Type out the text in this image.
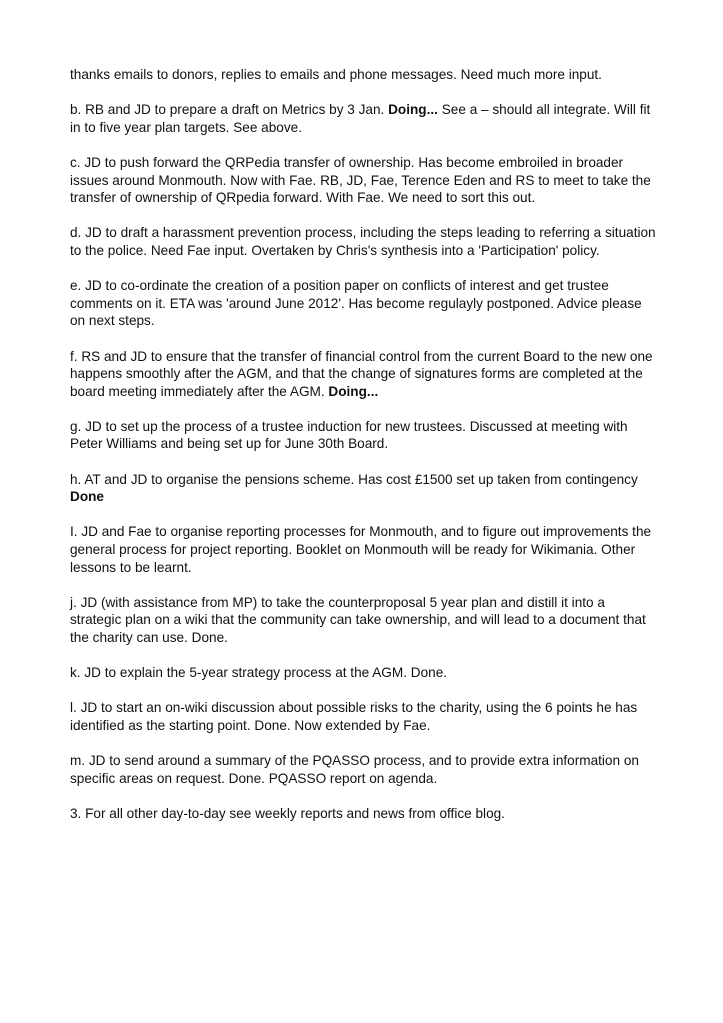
thanks emails to donors, replies to emails and phone messages. Need much more input.

b. RB and JD to prepare a draft on Metrics by 3 Jan. Doing... See a – should all integrate. Will fit in to five year plan targets. See above.

c. JD to push forward the QRPedia transfer of ownership. Has become embroiled in broader issues around Monmouth. Now with Fae. RB, JD, Fae, Terence Eden and RS to meet to take the transfer of ownership of QRpedia forward. With Fae. We need to sort this out.

d. JD to draft a harassment prevention process, including the steps leading to referring a situation to the police. Need Fae input. Overtaken by Chris's synthesis into a 'Participation' policy.

e. JD to co-ordinate the creation of a position paper on conflicts of interest and get trustee comments on it. ETA was 'around June 2012'. Has become regulayly postponed. Advice please on next steps.

f. RS and JD to ensure that the transfer of financial control from the current Board to the new one happens smoothly after the AGM, and that the change of signatures forms are completed at the board meeting immediately after the AGM. Doing...

g. JD to set up the process of a trustee induction for new trustees. Discussed at meeting with Peter Williams and being set up for June 30th Board.

h. AT and JD to organise the pensions scheme. Has cost £1500 set up taken from contingency Done

I. JD and Fae to organise reporting processes for Monmouth, and to figure out improvements the general process for project reporting. Booklet on Monmouth will be ready for Wikimania. Other lessons to be learnt.

j. JD (with assistance from MP) to take the counterproposal 5 year plan and distill it into a strategic plan on a wiki that the community can take ownership, and will lead to a document that the charity can use. Done.

k. JD to explain the 5-year strategy process at the AGM. Done.

l. JD to start an on-wiki discussion about possible risks to the charity, using the 6 points he has identified as the starting point. Done. Now extended by Fae.

m. JD to send around a summary of the PQASSO process, and to provide extra information on specific areas on request. Done. PQASSO report on agenda.

3. For all other day-to-day see weekly reports and news from office blog.
